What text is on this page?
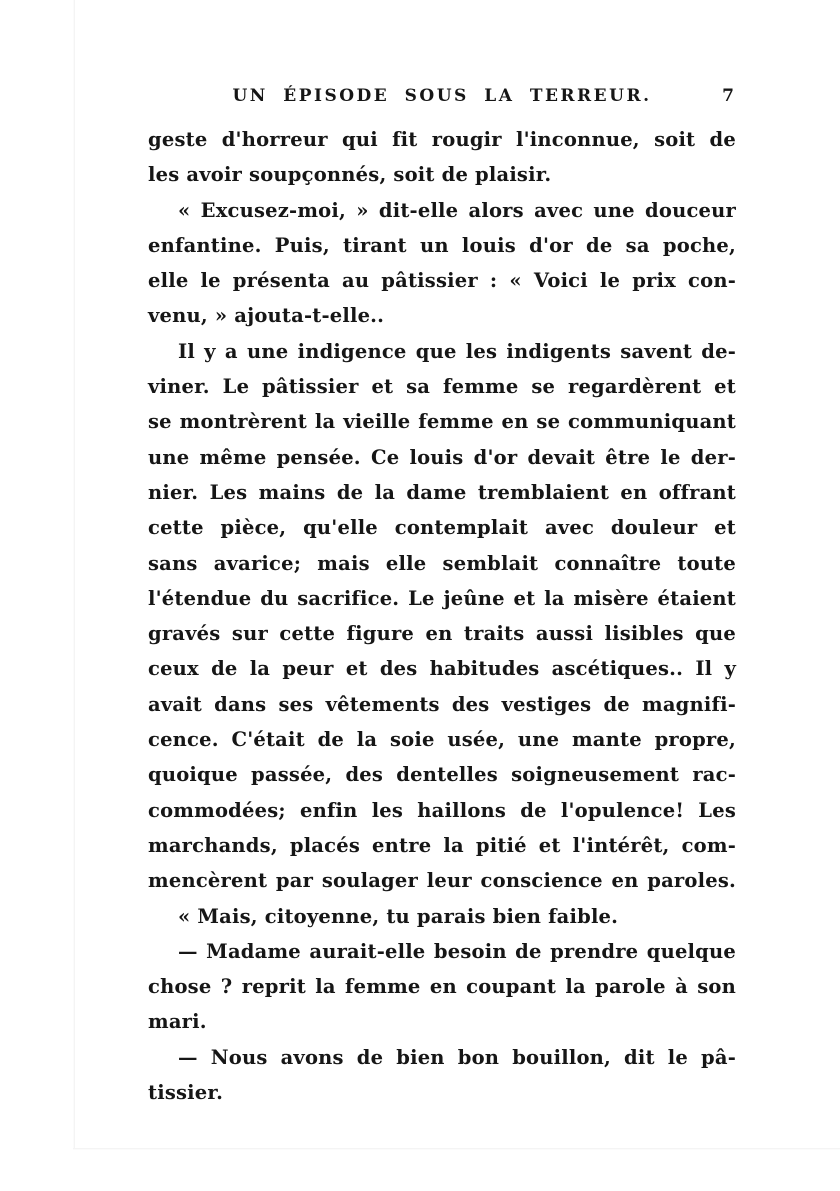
UN ÉPISODE SOUS LA TERREUR.	7
geste d'horreur qui fit rougir l'inconnue, soit de
les avoir soupçonnés, soit de plaisir.
« Excusez-moi, » dit-elle alors avec une douceur
enfantine. Puis, tirant un louis d'or de sa poche,
elle le présenta au pâtissier : « Voici le prix con-
venu, » ajouta-t-elle..
Il y a une indigence que les indigents savent de-
viner. Le pâtissier et sa femme se regardèrent et
se montrèrent la vieille femme en se communiquant
une même pensée. Ce louis d'or devait être le der-
nier. Les mains de la dame tremblaient en offrant
cette pièce, qu'elle contemplait avec douleur et
sans avarice; mais elle semblait connaître toute
l'étendue du sacrifice. Le jeûne et la misère étaient
gravés sur cette figure en traits aussi lisibles que
ceux de la peur et des habitudes ascétiques.. Il y
avait dans ses vêtements des vestiges de magnifi-
cence. C'était de la soie usée, une mante propre,
quoique passée, des dentelles soigneusement rac-
commodées; enfin les haillons de l'opulence! Les
marchands, placés entre la pitié et l'intérêt, com-
mencèrent par soulager leur conscience en paroles.
« Mais, citoyenne, tu parais bien faible.
— Madame aurait-elle besoin de prendre quelque
chose ? reprit la femme en coupant la parole à son
mari.
— Nous avons de bien bon bouillon, dit le pâ-
tissier.
